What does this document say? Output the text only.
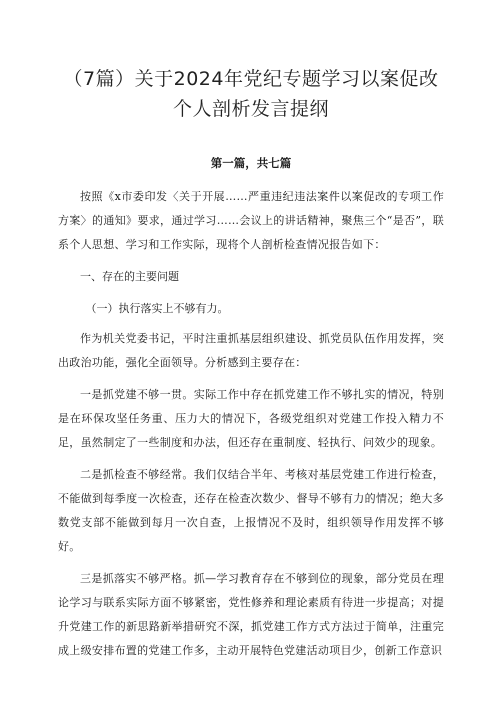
（7篇）关于2024年党纪专题学习以案促改个人剖析发言提纲
第一篇，共七篇

按照《x市委印发〈关于开展……严重违纪违法案件以案促改的专项工作方案〉的通知》要求，通过学习……会议上的讲话精神，聚焦三个“是否”，联系个人思想、学习和工作实际，现将个人剖析检查情况报告如下：

一、存在的主要问题
（一）执行落实上不够有力。

作为机关党委书记，平时注重抓基层组织建设、抓党员队伍作用发挥，突出政治功能，强化全面领导。分析感到主要存在：

一是抓党建不够一贯。实际工作中存在抓党建工作不够扎实的情况，特别是在环保攻坚任务重、压力大的情况下，各级党组织对党建工作投入精力不足，虽然制定了一些制度和办法，但还存在重制度、轻执行、问效少的现象。

二是抓检查不够经常。我们仅结合半年、考核对基层党建工作进行检查，不能做到每季度一次检查，还存在检查次数少、督导不够有力的情况；绝大多数党支部不能做到每月一次自查，上报情况不及时，组织领导作用发挥不够好。

三是抓落实不够严格。抓—学习教育存在不够到位的现象，部分党员在理论学习与联系实际方面不够紧密，党性修养和理论素质有待进一步提高；对提升党建工作的新思路新举措研究不深，抓党建工作方式方法过于简单，注重完成上级安排布置的党建工作多，主动开展特色党建活动项目少，创新工作意识
